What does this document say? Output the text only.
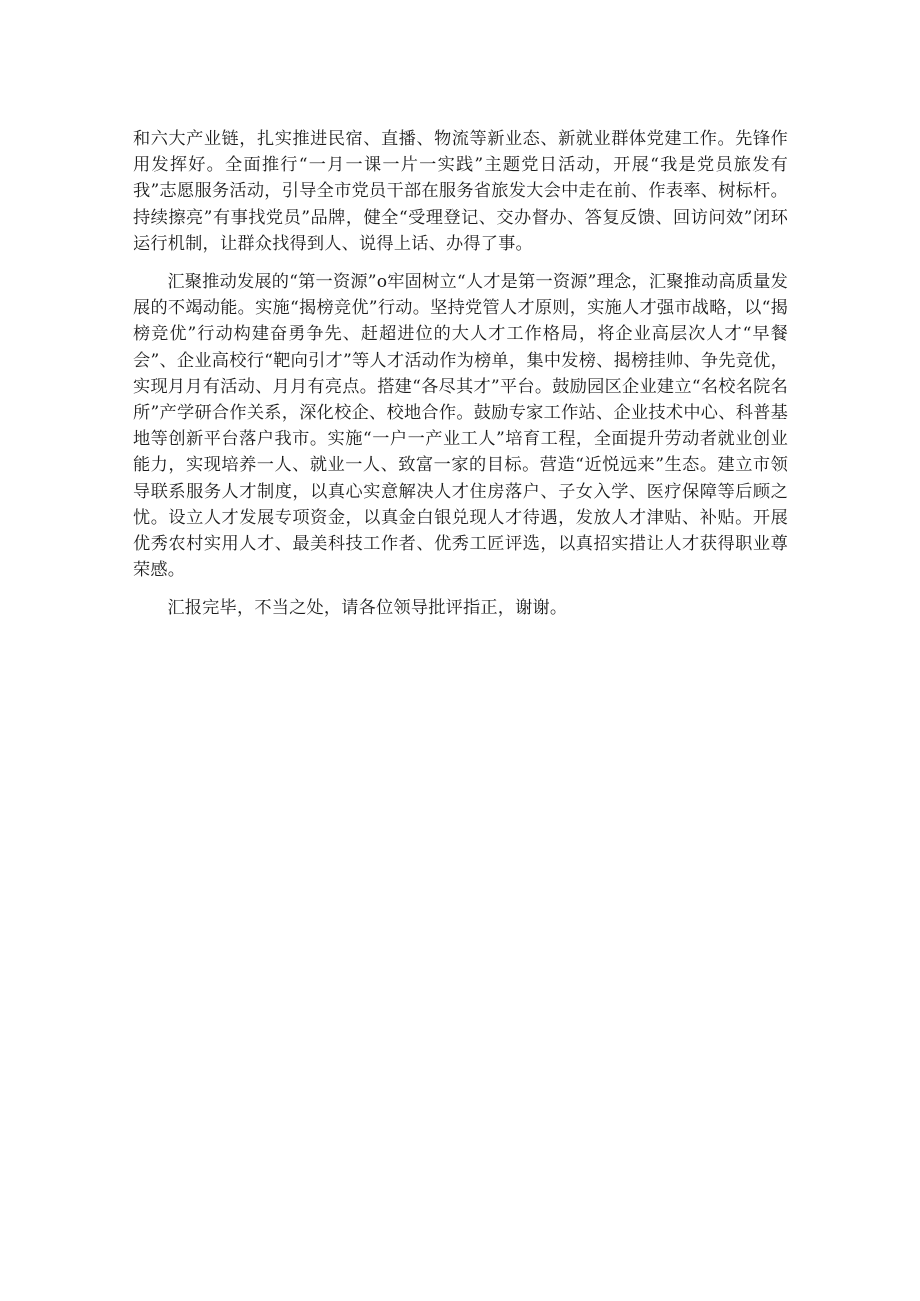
和六大产业链，扎实推进民宿、直播、物流等新业态、新就业群体党建工作。先锋作用发挥好。全面推行“一月一课一片一实践”主题党日活动，开展“我是党员旅发有我”志愿服务活动，引导全市党员干部在服务省旅发大会中走在前、作表率、树标杆。持续擦亮”有事找党员”品牌，健全“受理登记、交办督办、答复反馈、回访问效”闭环运行机制，让群众找得到人、说得上话、办得了事。

汇聚推动发展的“第一资源”o牢固树立“人才是第一资源”理念，汇聚推动高质量发展的不竭动能。实施“揭榜竞优”行动。坚持党管人才原则，实施人才强市战略，以“揭榜竞优”行动构建奋勇争先、赶超进位的大人才工作格局，将企业高层次人才“早餐会”、企业高校行“靶向引才”等人才活动作为榜单，集中发榜、揭榜挂帅、争先竞优，实现月月有活动、月月有亮点。搭建“各尽其才”平台。鼓励园区企业建立“名校名院名所”产学研合作关系，深化校企、校地合作。鼓励专家工作站、企业技术中心、科普基地等创新平台落户我市。实施“一户一产业工人”培育工程，全面提升劳动者就业创业能力，实现培养一人、就业一人、致富一家的目标。营造“近悦远来”生态。建立市领导联系服务人才制度，以真心实意解决人才住房落户、子女入学、医疗保障等后顾之忧。设立人才发展专项资金，以真金白银兑现人才待遇，发放人才津贴、补贴。开展优秀农村实用人才、最美科技工作者、优秀工匠评选，以真招实措让人才获得职业尊荣感。

汇报完毕，不当之处，请各位领导批评指正，谢谢。
